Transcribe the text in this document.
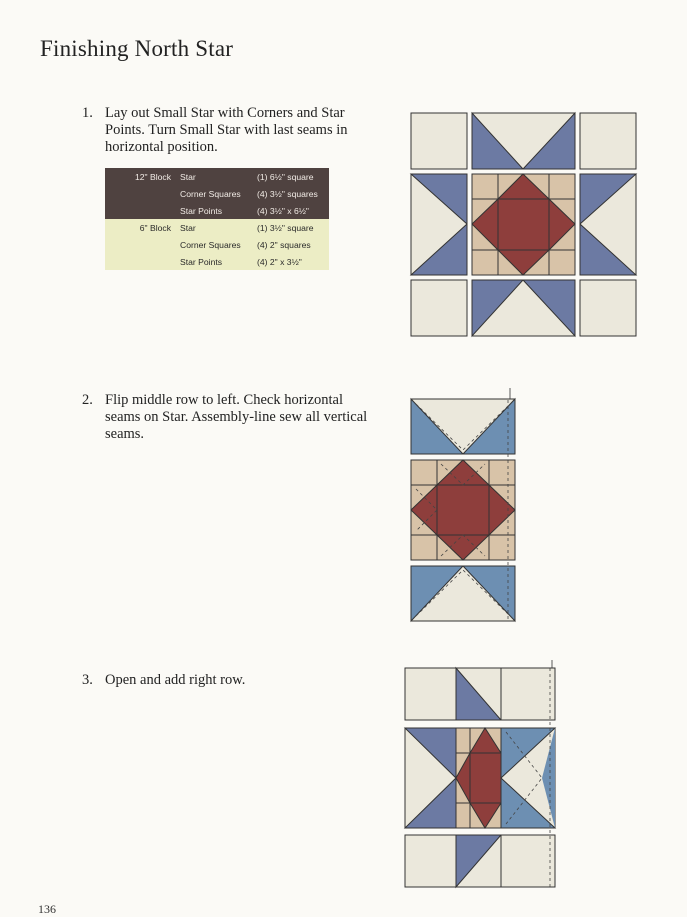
Finishing North Star
1. Lay out Small Star with Corners and Star Points. Turn Small Star with last seams in horizontal position.
12" Block Star	(1) 6½" square
Corner Squares (4) 3½" squares
Star Points	(4) 3½" x 6½"
6" Block Star	(1) 3½" square
Corner Squares (4) 2" squares
Star Points	(4) 2" x 3½"
2. Flip middle row to left. Check horizontal seams on Star. Assembly-line sew all vertical seams.
3. Open and add right row.
136
